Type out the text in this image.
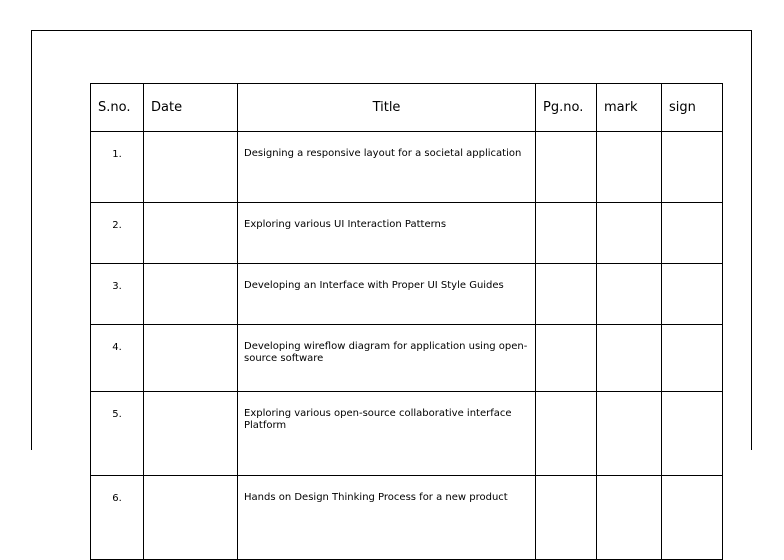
S.no.	Date	Title	Pg.no.	mark	sign
1.		Designing a responsive layout for a societal application			
2.		Exploring various UI Interaction Patterns			
3.		Developing an Interface with Proper UI Style Guides			
4.		Developing wireflow diagram for application using open-source software			
5.		Exploring various open-source collaborative interface Platform			
6.		Hands on Design Thinking Process for a new product			
